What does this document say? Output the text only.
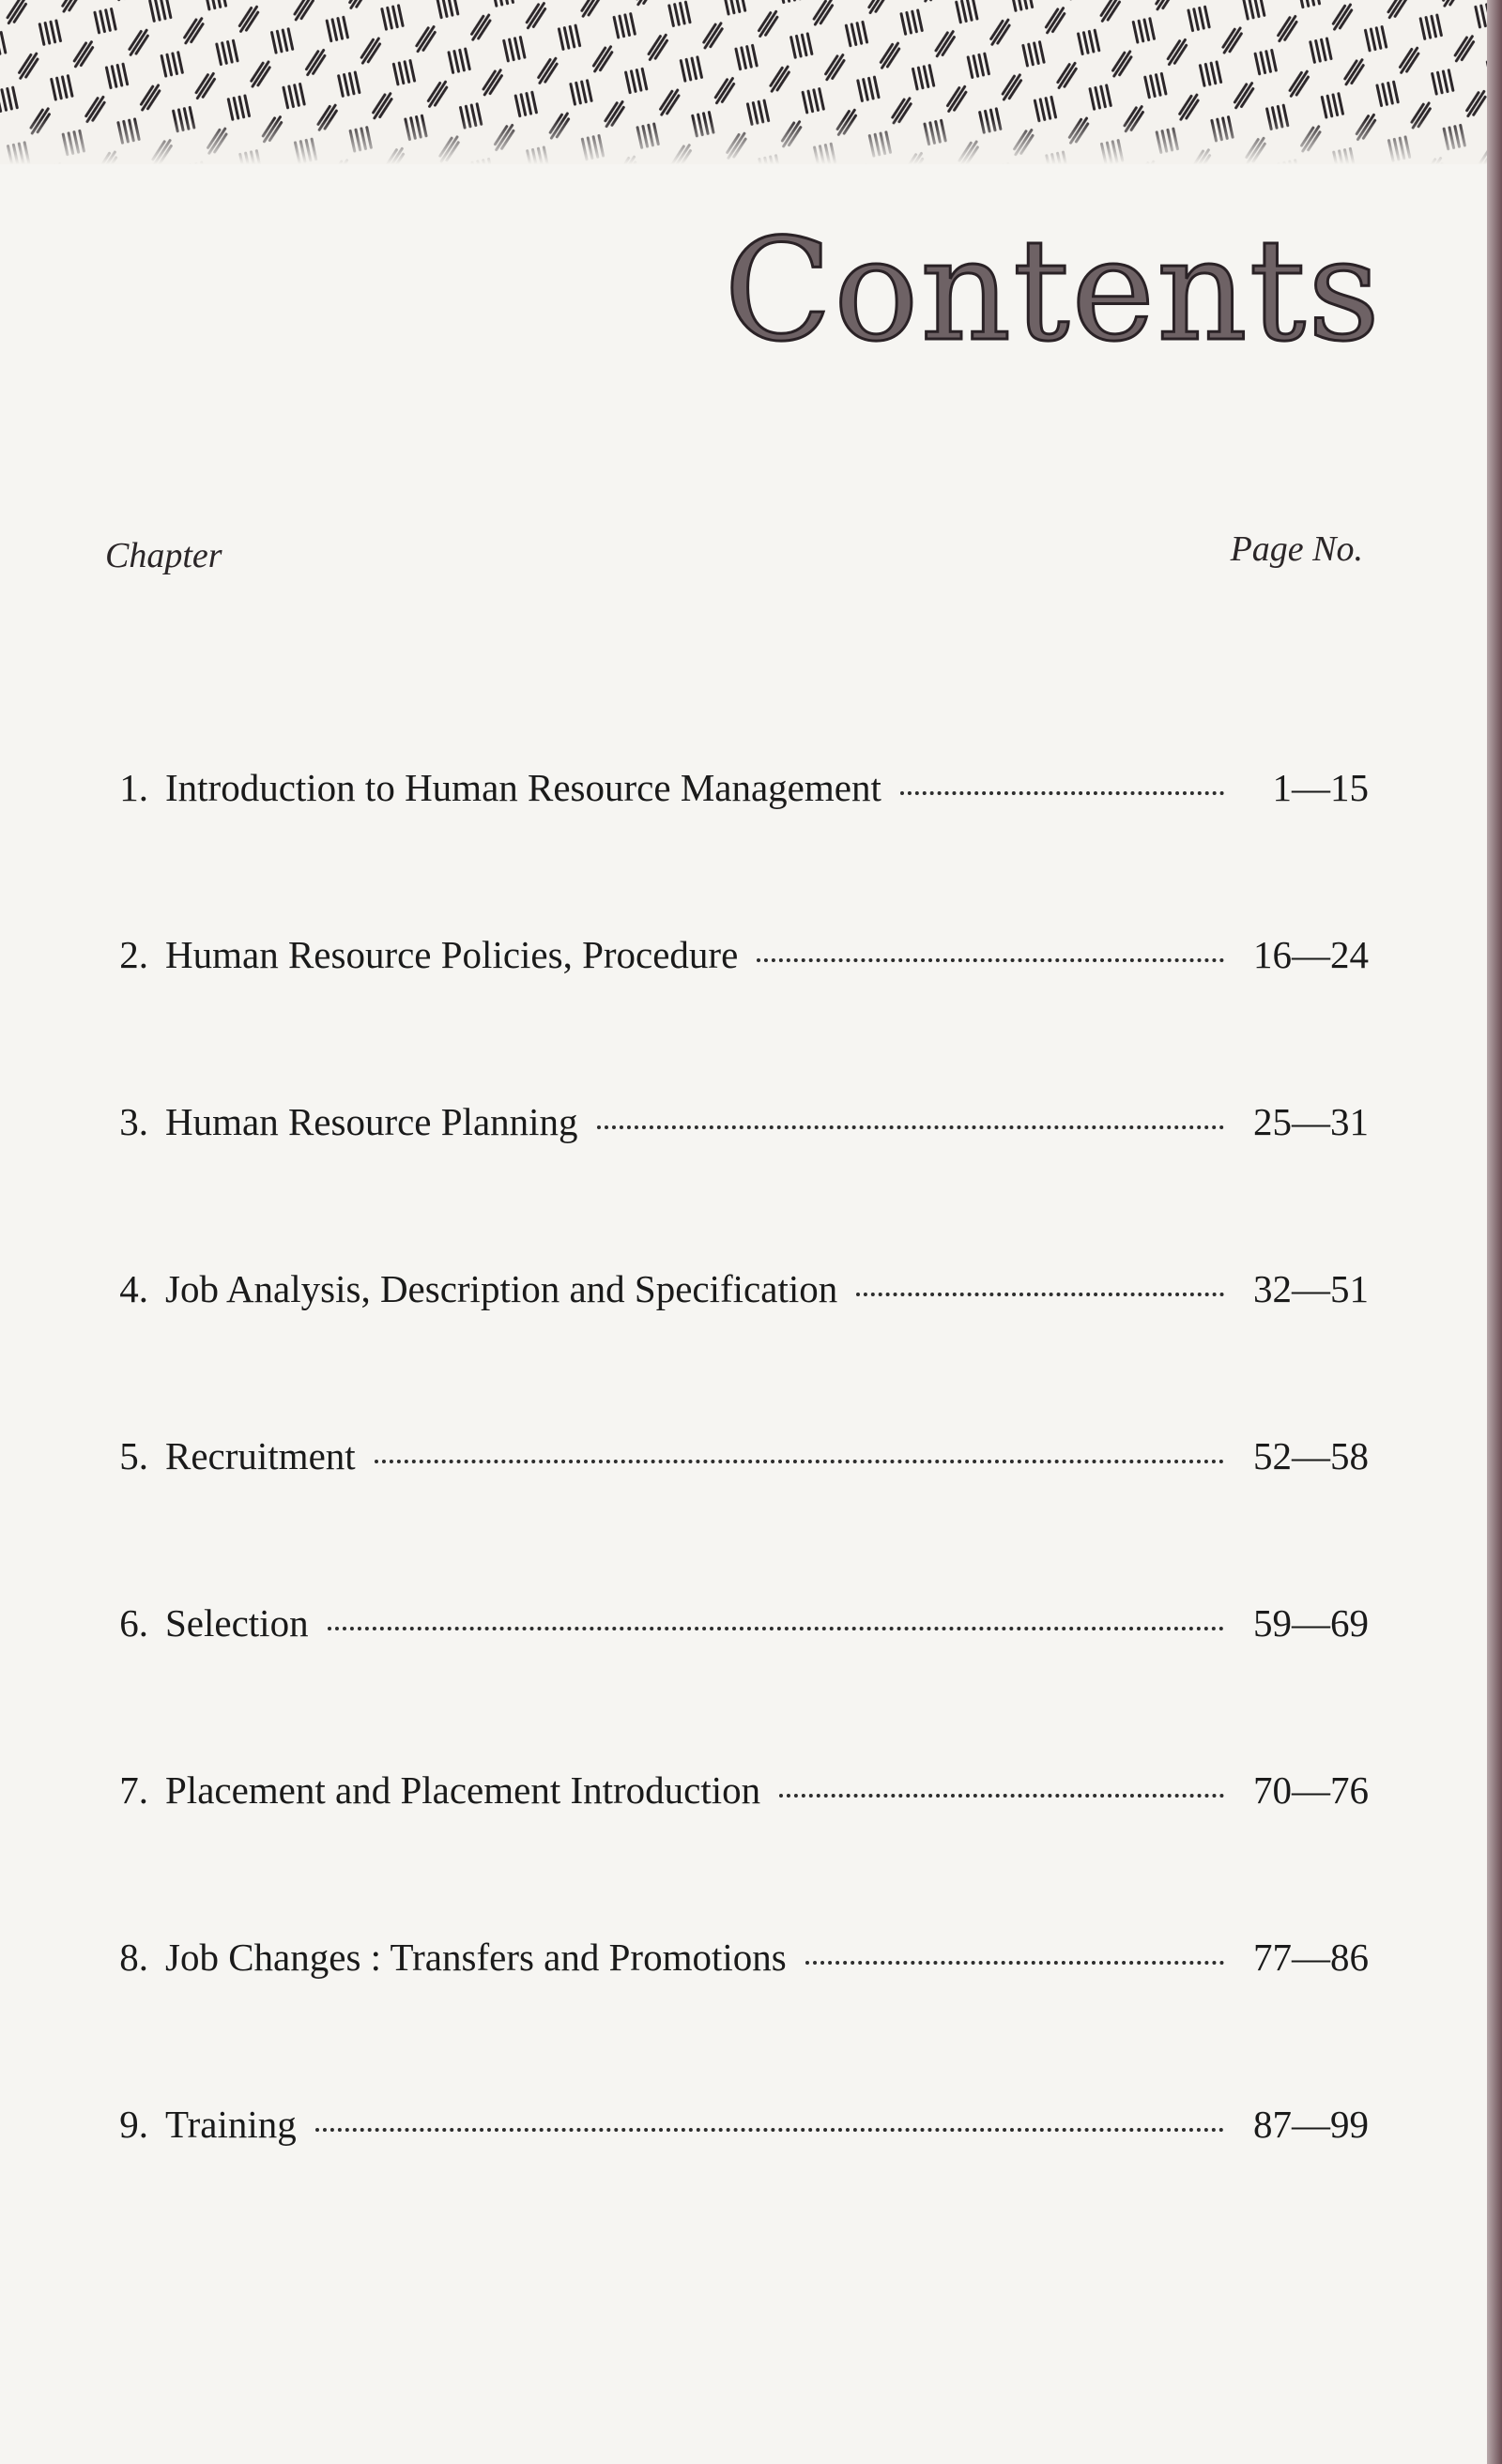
Contents
Chapter	Page No.
1. Introduction to Human Resource Management	1—15
2. Human Resource Policies, Procedure	16—24
3. Human Resource Planning	25—31
4. Job Analysis, Description and Specification	32—51
5. Recruitment	52—58
6. Selection	59—69
7. Placement and Placement Introduction	70—76
8. Job Changes : Transfers and Promotions	77—86
9. Training	87—99
